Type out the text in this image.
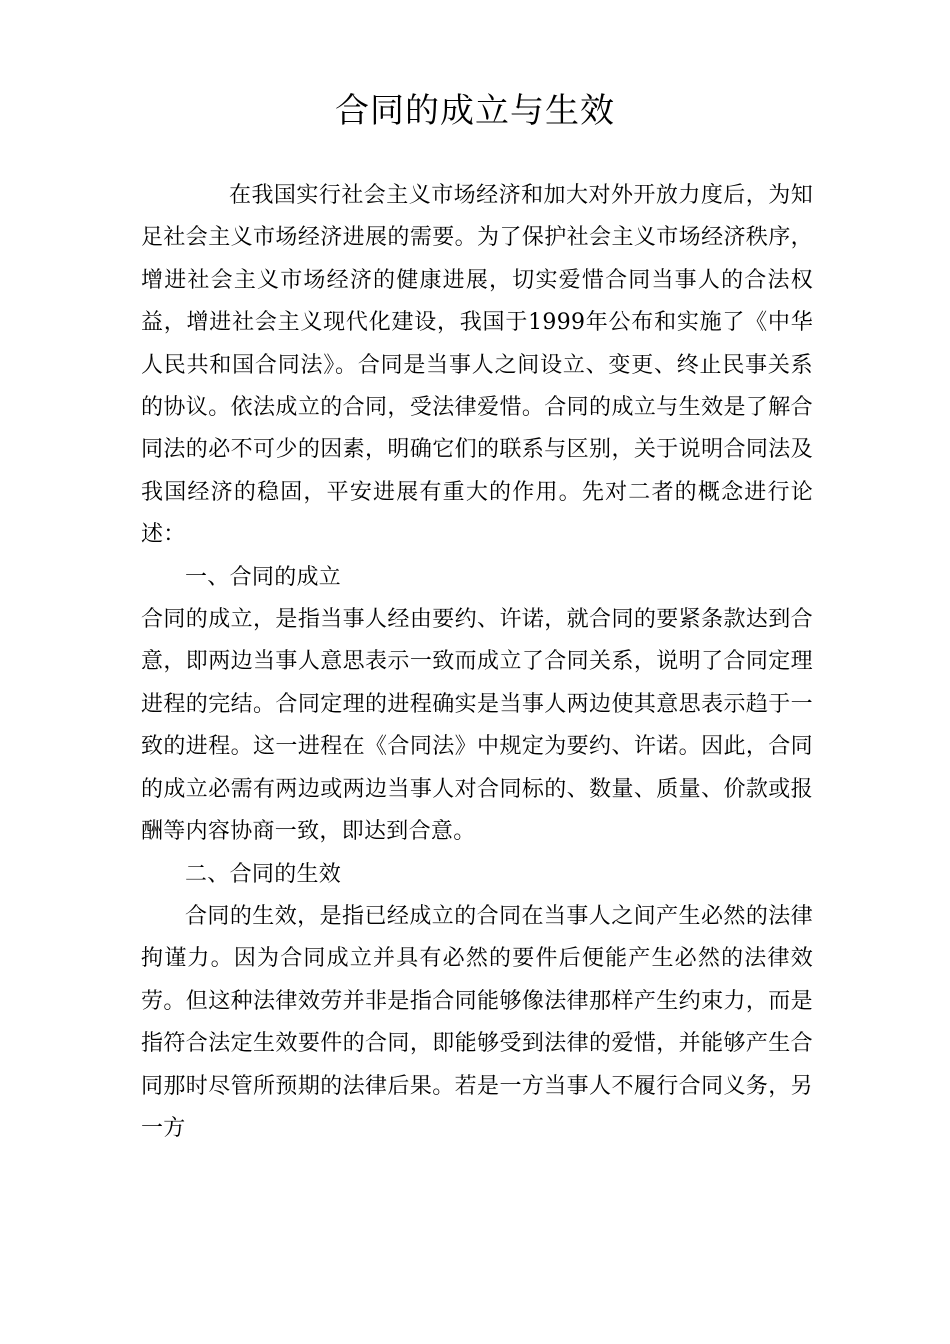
合同的成立与生效

在我国实行社会主义市场经济和加大对外开放力度后，为知足社会主义市场经济进展的需要。为了保护社会主义市场经济秩序，增进社会主义市场经济的健康进展，切实爱惜合同当事人的合法权益，增进社会主义现代化建设，我国于1999年公布和实施了《中华人民共和国合同法》。合同是当事人之间设立、变更、终止民事关系的协议。依法成立的合同，受法律爱惜。合同的成立与生效是了解合同法的必不可少的因素，明确它们的联系与区别，关于说明合同法及我国经济的稳固，平安进展有重大的作用。先对二者的概念进行论述：

一、合同的成立

合同的成立，是指当事人经由要约、许诺，就合同的要紧条款达到合意，即两边当事人意思表示一致而成立了合同关系，说明了合同定理进程的完结。合同定理的进程确实是当事人两边使其意思表示趋于一致的进程。这一进程在《合同法》中规定为要约、许诺。因此，合同的成立必需有两边或两边当事人对合同标的、数量、质量、价款或报酬等内容协商一致，即达到合意。

二、合同的生效

合同的生效，是指已经成立的合同在当事人之间产生必然的法律拘谨力。因为合同成立并具有必然的要件后便能产生必然的法律效劳。但这种法律效劳并非是指合同能够像法律那样产生约束力，而是指符合法定生效要件的合同，即能够受到法律的爱惜，并能够产生合同那时尽管所预期的法律后果。若是一方当事人不履行合同义务，另一方
